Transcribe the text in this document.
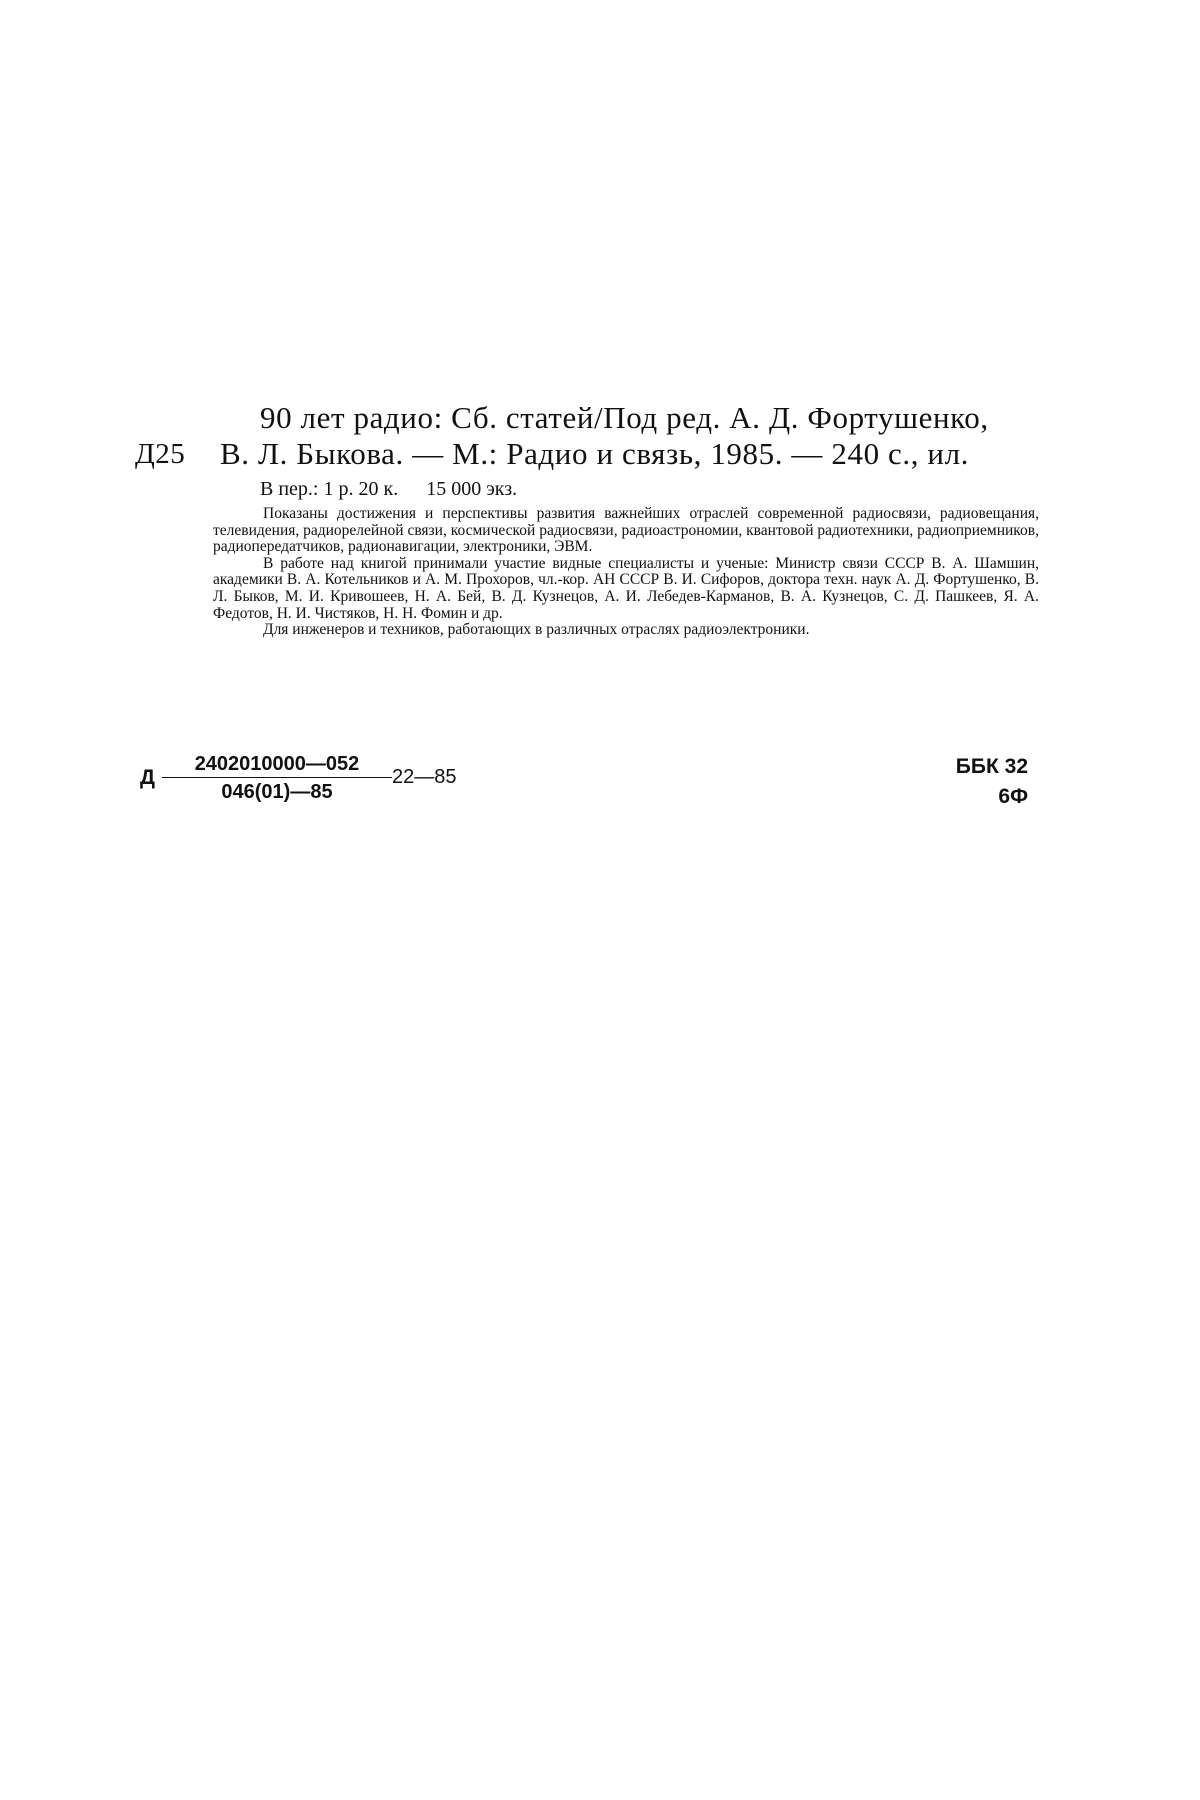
Д25
90 лет радио: Сб. статей/Под ред. А. Д. Фортушенко,
В. Л. Быкова. — М.: Радио и связь, 1985. — 240 с., ил.
В пер.: 1 р. 20 к. 15 000 экз.

Показаны достижения и перспективы развития важнейших отраслей современной радиосвязи, радиовещания, телевидения, радиорелейной связи, космической радиосвязи, радиоастрономии, квантовой радиотехники, радиоприемников, радиопередатчиков, радионавигации, электроники, ЭВМ.

В работе над книгой принимали участие видные специалисты и ученые: Министр связи СССР В. А. Шамшин, академики В. А. Котельников и А. М. Прохоров, чл.-кор. АН СССР В. И. Сифоров, доктора техн. наук А. Д. Фортушенко, В. Л. Быков, М. И. Кривошеев, Н. А. Бей, В. Д. Кузнецов, А. И. Лебедев-Карманов, В. А. Кузнецов, С. Д. Пашкеев, Я. А. Федотов, Н. И. Чистяков, Н. Н. Фомин и др.

Для инженеров и техников, работающих в различных отраслях радиоэлектроники.

Д
2402010000—052
046(01)—85
22—85	ББК 32
6Ф
